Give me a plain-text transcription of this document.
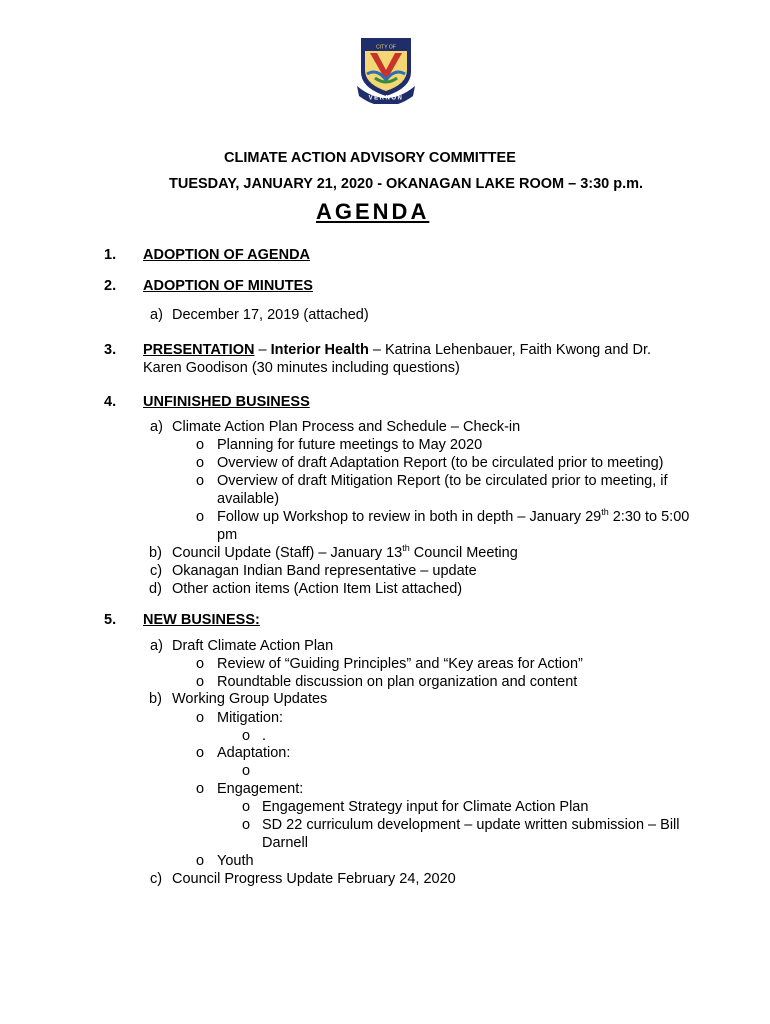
CITY OF
VERNON
CLIMATE ACTION ADVISORY COMMITTEE
TUESDAY, JANUARY 21, 2020 - OKANAGAN LAKE ROOM – 3:30 p.m.
AGENDA
1. ADOPTION OF AGENDA
2. ADOPTION OF MINUTES
a) December 17, 2019 (attached)
3. PRESENTATION – Interior Health – Katrina Lehenbauer, Faith Kwong and Dr.
Karen Goodison (30 minutes including questions)
4. UNFINISHED BUSINESS
a) Climate Action Plan Process and Schedule – Check-in
o Planning for future meetings to May 2020
o Overview of draft Adaptation Report (to be circulated prior to meeting)
o Overview of draft Mitigation Report (to be circulated prior to meeting, if
available)
o Follow up Workshop to review in both in depth – January 29th 2:30 to 5:00
pm
b) Council Update (Staff) – January 13th Council Meeting
c) Okanagan Indian Band representative – update
d) Other action items (Action Item List attached)
5. NEW BUSINESS:
a) Draft Climate Action Plan
o Review of “Guiding Principles” and “Key areas for Action”
o Roundtable discussion on plan organization and content
b) Working Group Updates
o Mitigation:
o .
o Adaptation:
o
o Engagement:
o Engagement Strategy input for Climate Action Plan
o SD 22 curriculum development – update written submission – Bill
Darnell
o Youth
c) Council Progress Update February 24, 2020
